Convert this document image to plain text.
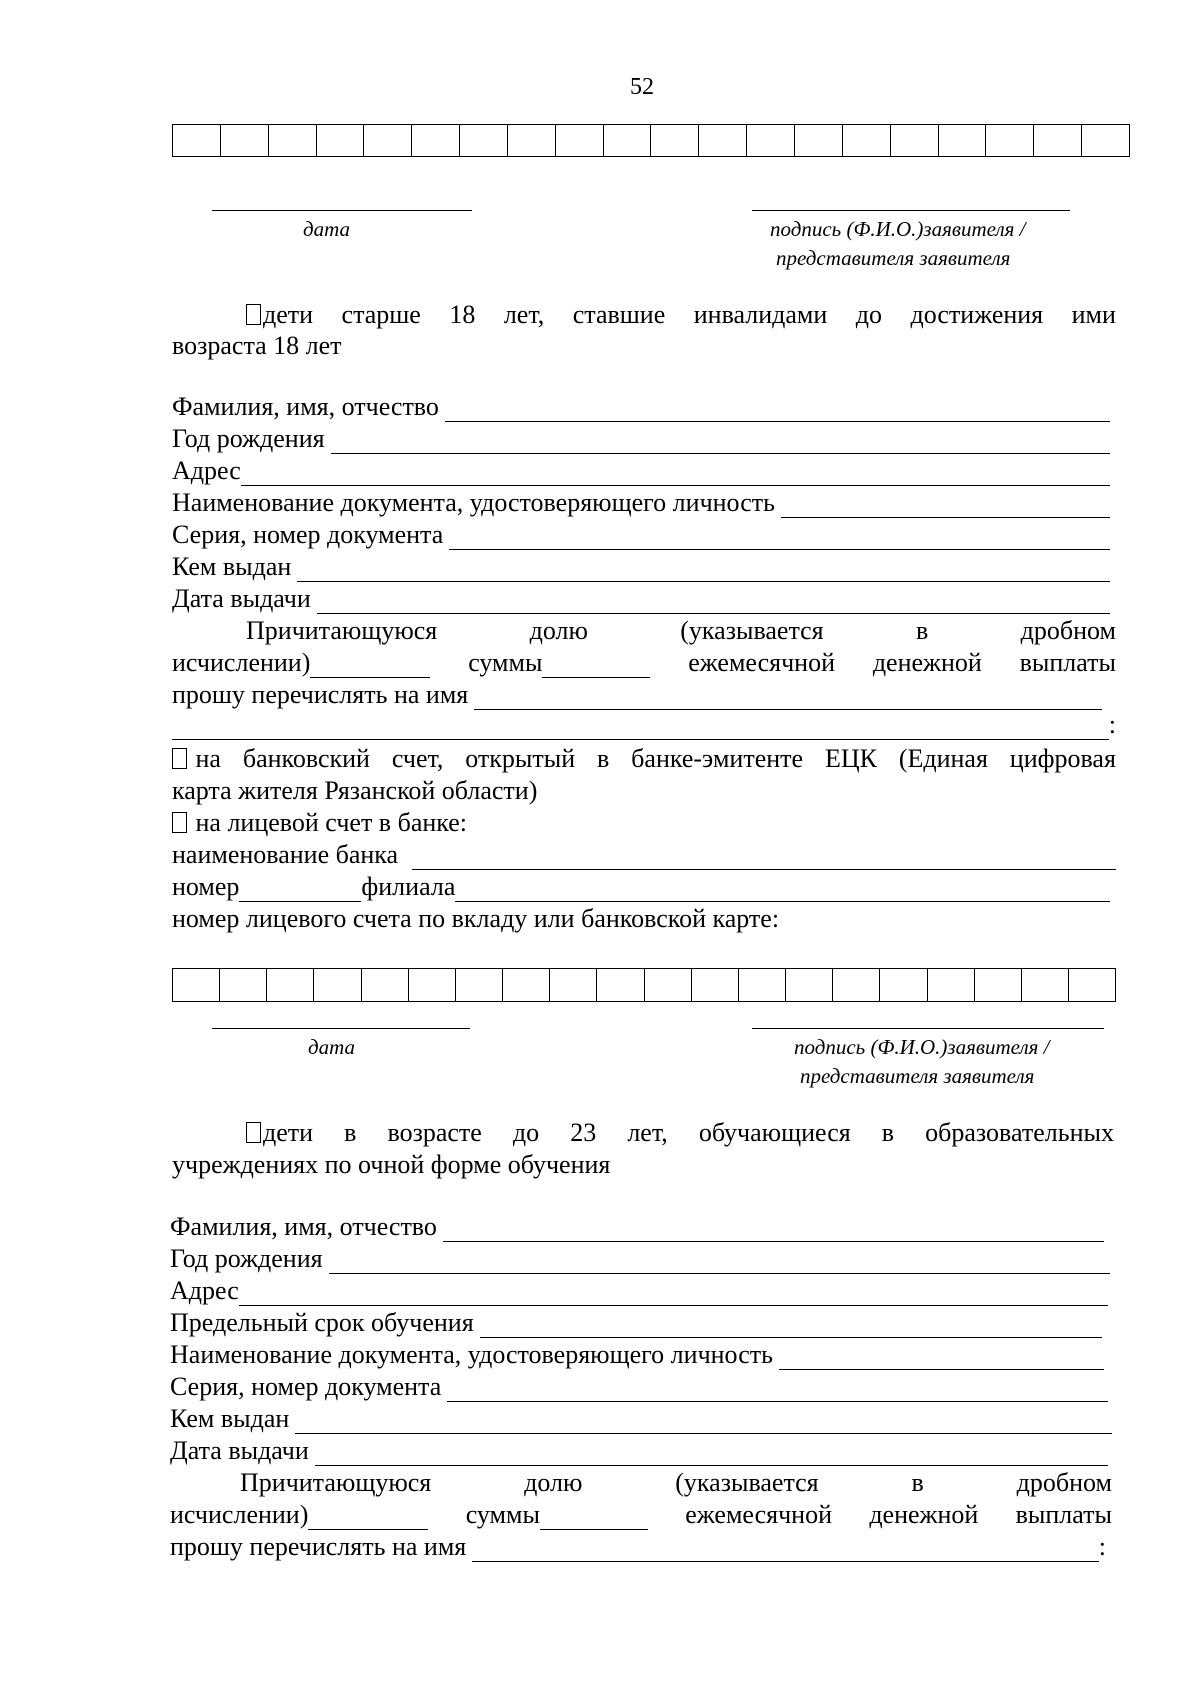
52
дата	подпись (Ф.И.О.)заявителя /
представителя заявителя
дети старше 18 лет, ставшие инвалидами до достижения ими
возраста 18 лет
Фамилия, имя, отчество
Год рождения
Адрес
Наименование документа, удостоверяющего личность
Серия, номер документа
Кем выдан
Дата выдачи
Причитающуюся	долю	(указывается	в	дробном
исчислении)	суммы	ежемесячной денежной выплаты
прошу перечислять на имя
:
на банковский счет, открытый в банке-эмитенте ЕЦК (Единая цифровая
карта жителя Рязанской области)
на лицевой счет в банке:
наименование банка
номер	филиала
номер лицевого счета по вкладу или банковской карте:
дата	подпись (Ф.И.О.)заявителя /
представителя заявителя
дети в возрасте до 23 лет, обучающиеся в образовательных
учреждениях по очной форме обучения
Фамилия, имя, отчество
Год рождения
Адрес
Предельный срок обучения
Наименование документа, удостоверяющего личность
Серия, номер документа
Кем выдан
Дата выдачи
Причитающуюся	долю	(указывается	в	дробном
исчислении)	суммы	ежемесячной денежной выплаты
прошу перечислять на имя	:
